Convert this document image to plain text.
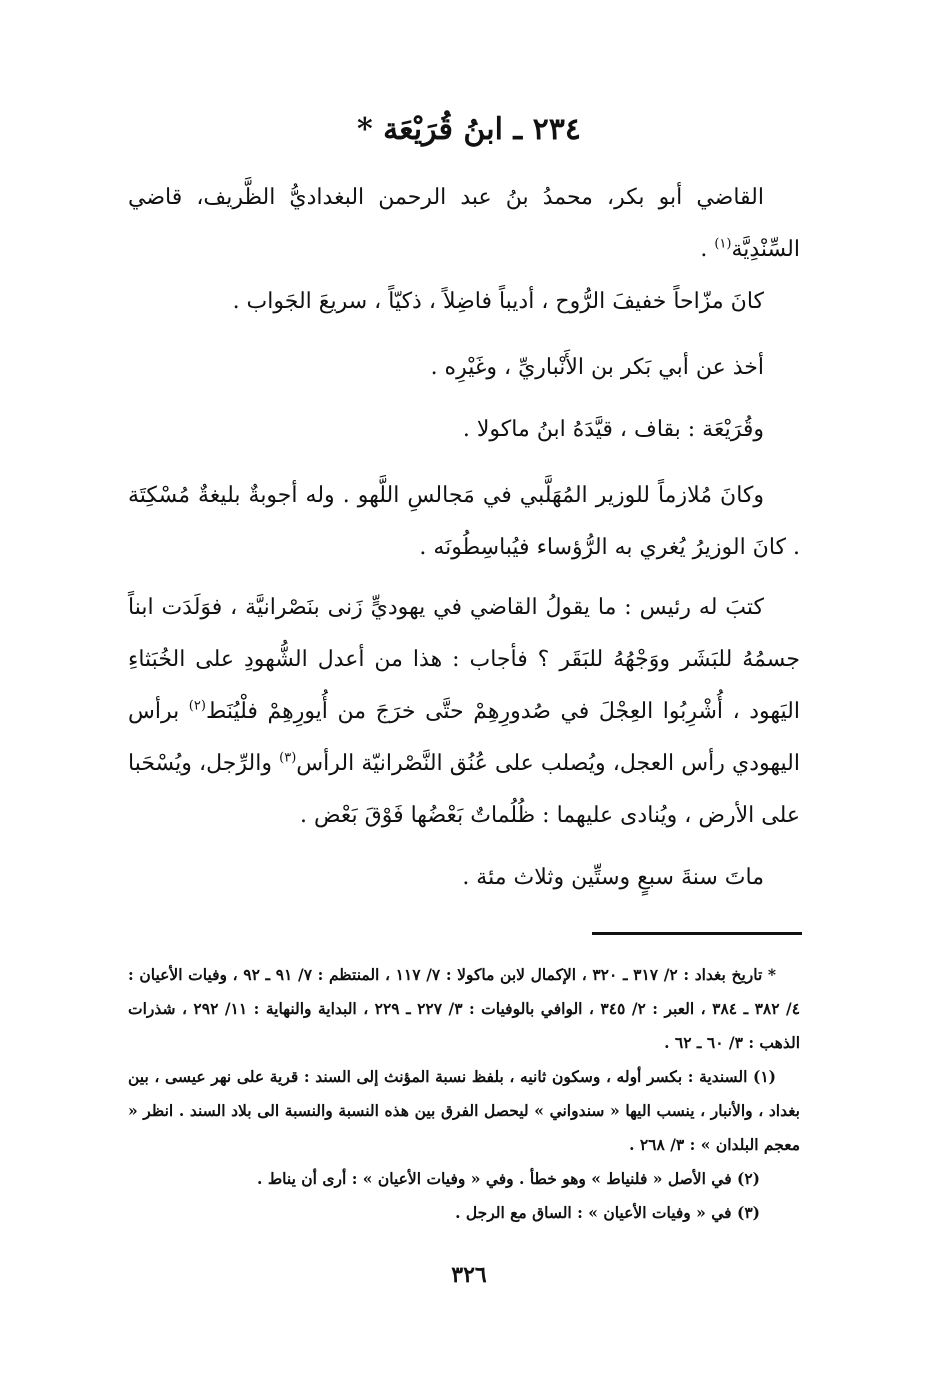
٢٣٤ ـ ابنُ قُرَيْعَة *

القاضي أبو بكر، محمدُ بنُ عبد الرحمن البغداديُّ الظَّريف، قاضي السِّنْدِيَّة$^{(١)}$ .

كانَ مزّاحاً خفيفَ الرُّوح ، أديباً فاضِلاً ، ذكيّاً ، سريعَ الجَواب .

أخذ عن أبي بَكر بن الأَنْباريِّ ، وغَيْرِه .

وقُرَيْعَة : بقاف ، قيَّدَهُ ابنُ ماكولا .

وكانَ مُلازماً للوزير المُهَلَّبي في مَجالسِ اللَّهو . وله أجوبةٌ بليغةٌ مُسْكِتَة . كانَ الوزيرُ يُغري به الرُّؤساء فيُباسِطُونَه .

كتبَ له رئيس : ما يقولُ القاضي في يهوديٍّ زَنى بنَصْرانيَّة ، فوَلَدَت ابناً جسمُهُ للبَشَر ووَجْهُهُ للبَقَر ؟ فأجاب : هذا من أعدل الشُّهودِ على الخُبَثاءِ اليَهود ، أُشْرِبُوا العِجْلَ في صُدورِهِمْ حتَّى خرَجَ من أُيورِهِمْ فلْيُنَط$^{(٢)}$ برأس اليهودي رأس العجل، ويُصلب على عُنُق النَّصْرانيّة الرأس$^{(٣)}$ والرِّجل، ويُسْحَبا على الأرض ، ويُنادى عليهما : ظُلُماتٌ بَعْضُها فَوْقَ بَعْض .

ماتَ سنةَ سبعٍ وستِّين وثلاث مئة .

* تاريخ بغداد : ٢/ ٣١٧ ـ ٣٢٠ ، الإكمال لابن ماكولا : ٧/ ١١٧ ، المنتظم : ٧/ ٩١ ـ ٩٢ ، وفيات الأعيان : ٤/ ٣٨٢ ـ ٣٨٤ ، العبر : ٢/ ٣٤٥ ، الوافي بالوفيات : ٣/ ٢٢٧ ـ ٢٢٩ ، البداية والنهاية : ١١/ ٢٩٢ ، شذرات الذهب : ٣/ ٦٠ ـ ٦٢ .

(١) السندية : بكسر أوله ، وسكون ثانيه ، بلفظ نسبة المؤنث إلى السند : قرية على نهر عيسى ، بين بغداد ، والأنبار ، ينسب اليها « سندواني » ليحصل الفرق بين هذه النسبة والنسبة الى بلاد السند . انظر « معجم البلدان » : ٣/ ٢٦٨ .

(٢) في الأصل « فلنياط » وهو خطأ . وفي « وفيات الأعيان » : أرى أن يناط .

(٣) في « وفيات الأعيان » : الساق مع الرجل .

٣٢٦
